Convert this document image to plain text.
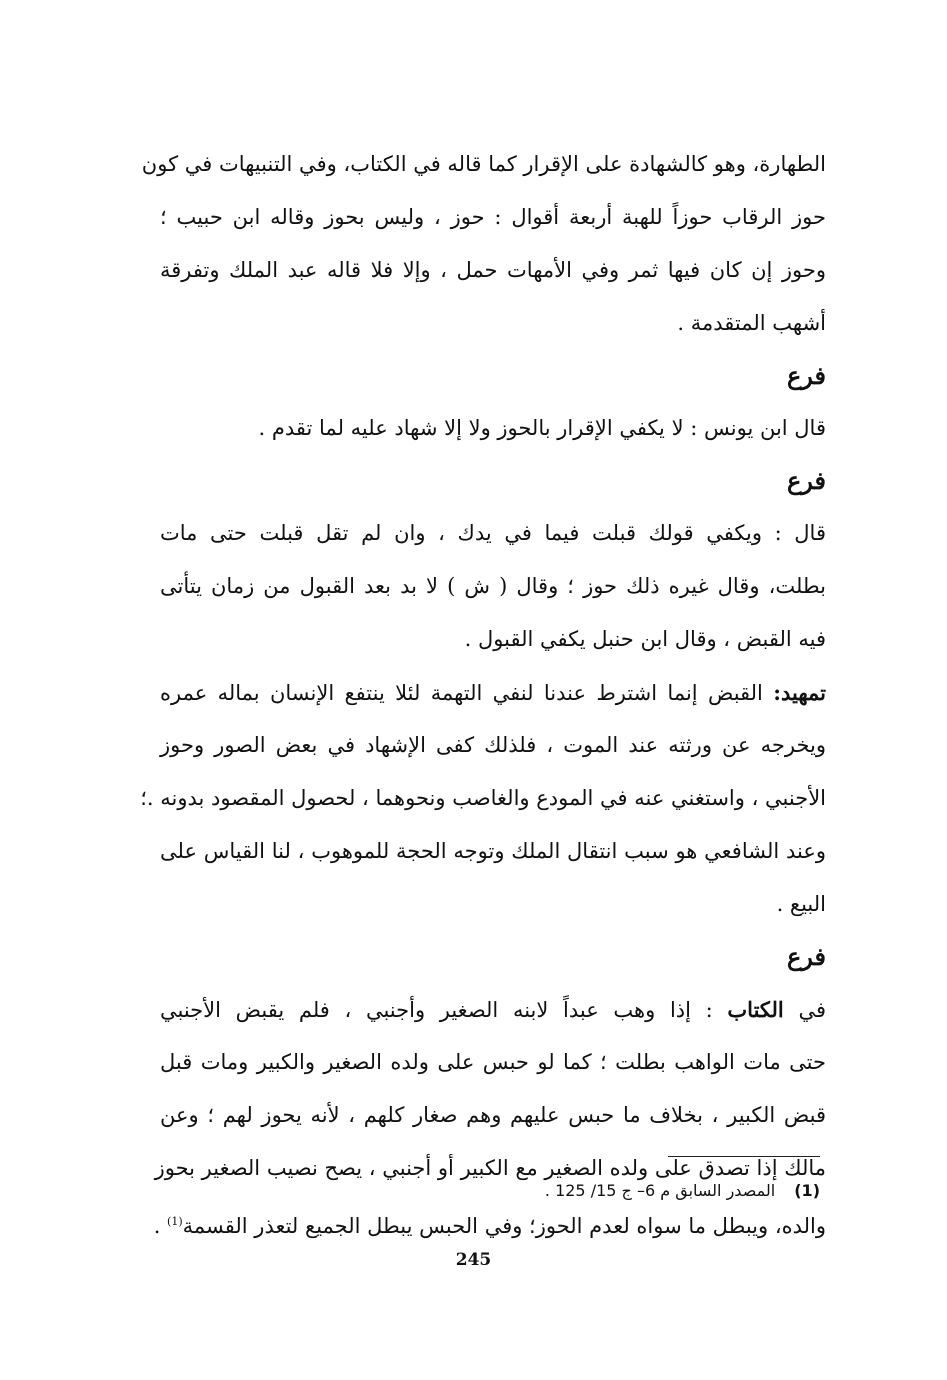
الطهارة، وهو كالشهادة على الإقرار كما قاله في الكتاب، وفي التنبيهات في كون
حوز الرقاب حوزاً للهبة أربعة أقوال : حوز ، وليس بحوز وقاله ابن حبيب ؛
وحوز إن كان فيها ثمر وفي الأمهات حمل ، وإلا فلا قاله عبد الملك وتفرقة
أشهب المتقدمة .
فرع
قال ابن يونس : لا يكفي الإقرار بالحوز ولا إلا شهاد عليه لما تقدم .
فرع
قال : ويكفي قولك قبلت فيما في يدك ، وان لم تقل قبلت حتى مات
بطلت، وقال غيره ذلك حوز ؛ وقال ( ش ) لا بد بعد القبول من زمان يتأتى
فيه القبض ، وقال ابن حنبل يكفي القبول .
تمهيد: القبض إنما اشترط عندنا لنفي التهمة لئلا ينتفع الإنسان بماله عمره
ويخرجه عن ورثته عند الموت ، فلذلك كفى الإشهاد في بعض الصور وحوز
الأجنبي ، واستغني عنه في المودع والغاصب ونحوهما ، لحصول المقصود بدونه .؛
وعند الشافعي هو سبب انتقال الملك وتوجه الحجة للموهوب ، لنا القياس على
البيع .
فرع
في الكتاب : إذا وهب عبداً لابنه الصغير وأجنبي ، فلم يقبض الأجنبي
حتى مات الواهب بطلت ؛ كما لو حبس على ولده الصغير والكبير ومات قبل
قبض الكبير ، بخلاف ما حبس عليهم وهم صغار كلهم ، لأنه يحوز لهم ؛ وعن
مالك إذا تصدق على ولده الصغير مع الكبير أو أجنبي ، يصح نصيب الصغير بحوز
والده، ويبطل ما سواه لعدم الحوز؛ وفي الحبس يبطل الجميع لتعذر القسمة$^{(1)}$ .
(1) المصدر السابق م 6– ج 15/ 125 .
245
